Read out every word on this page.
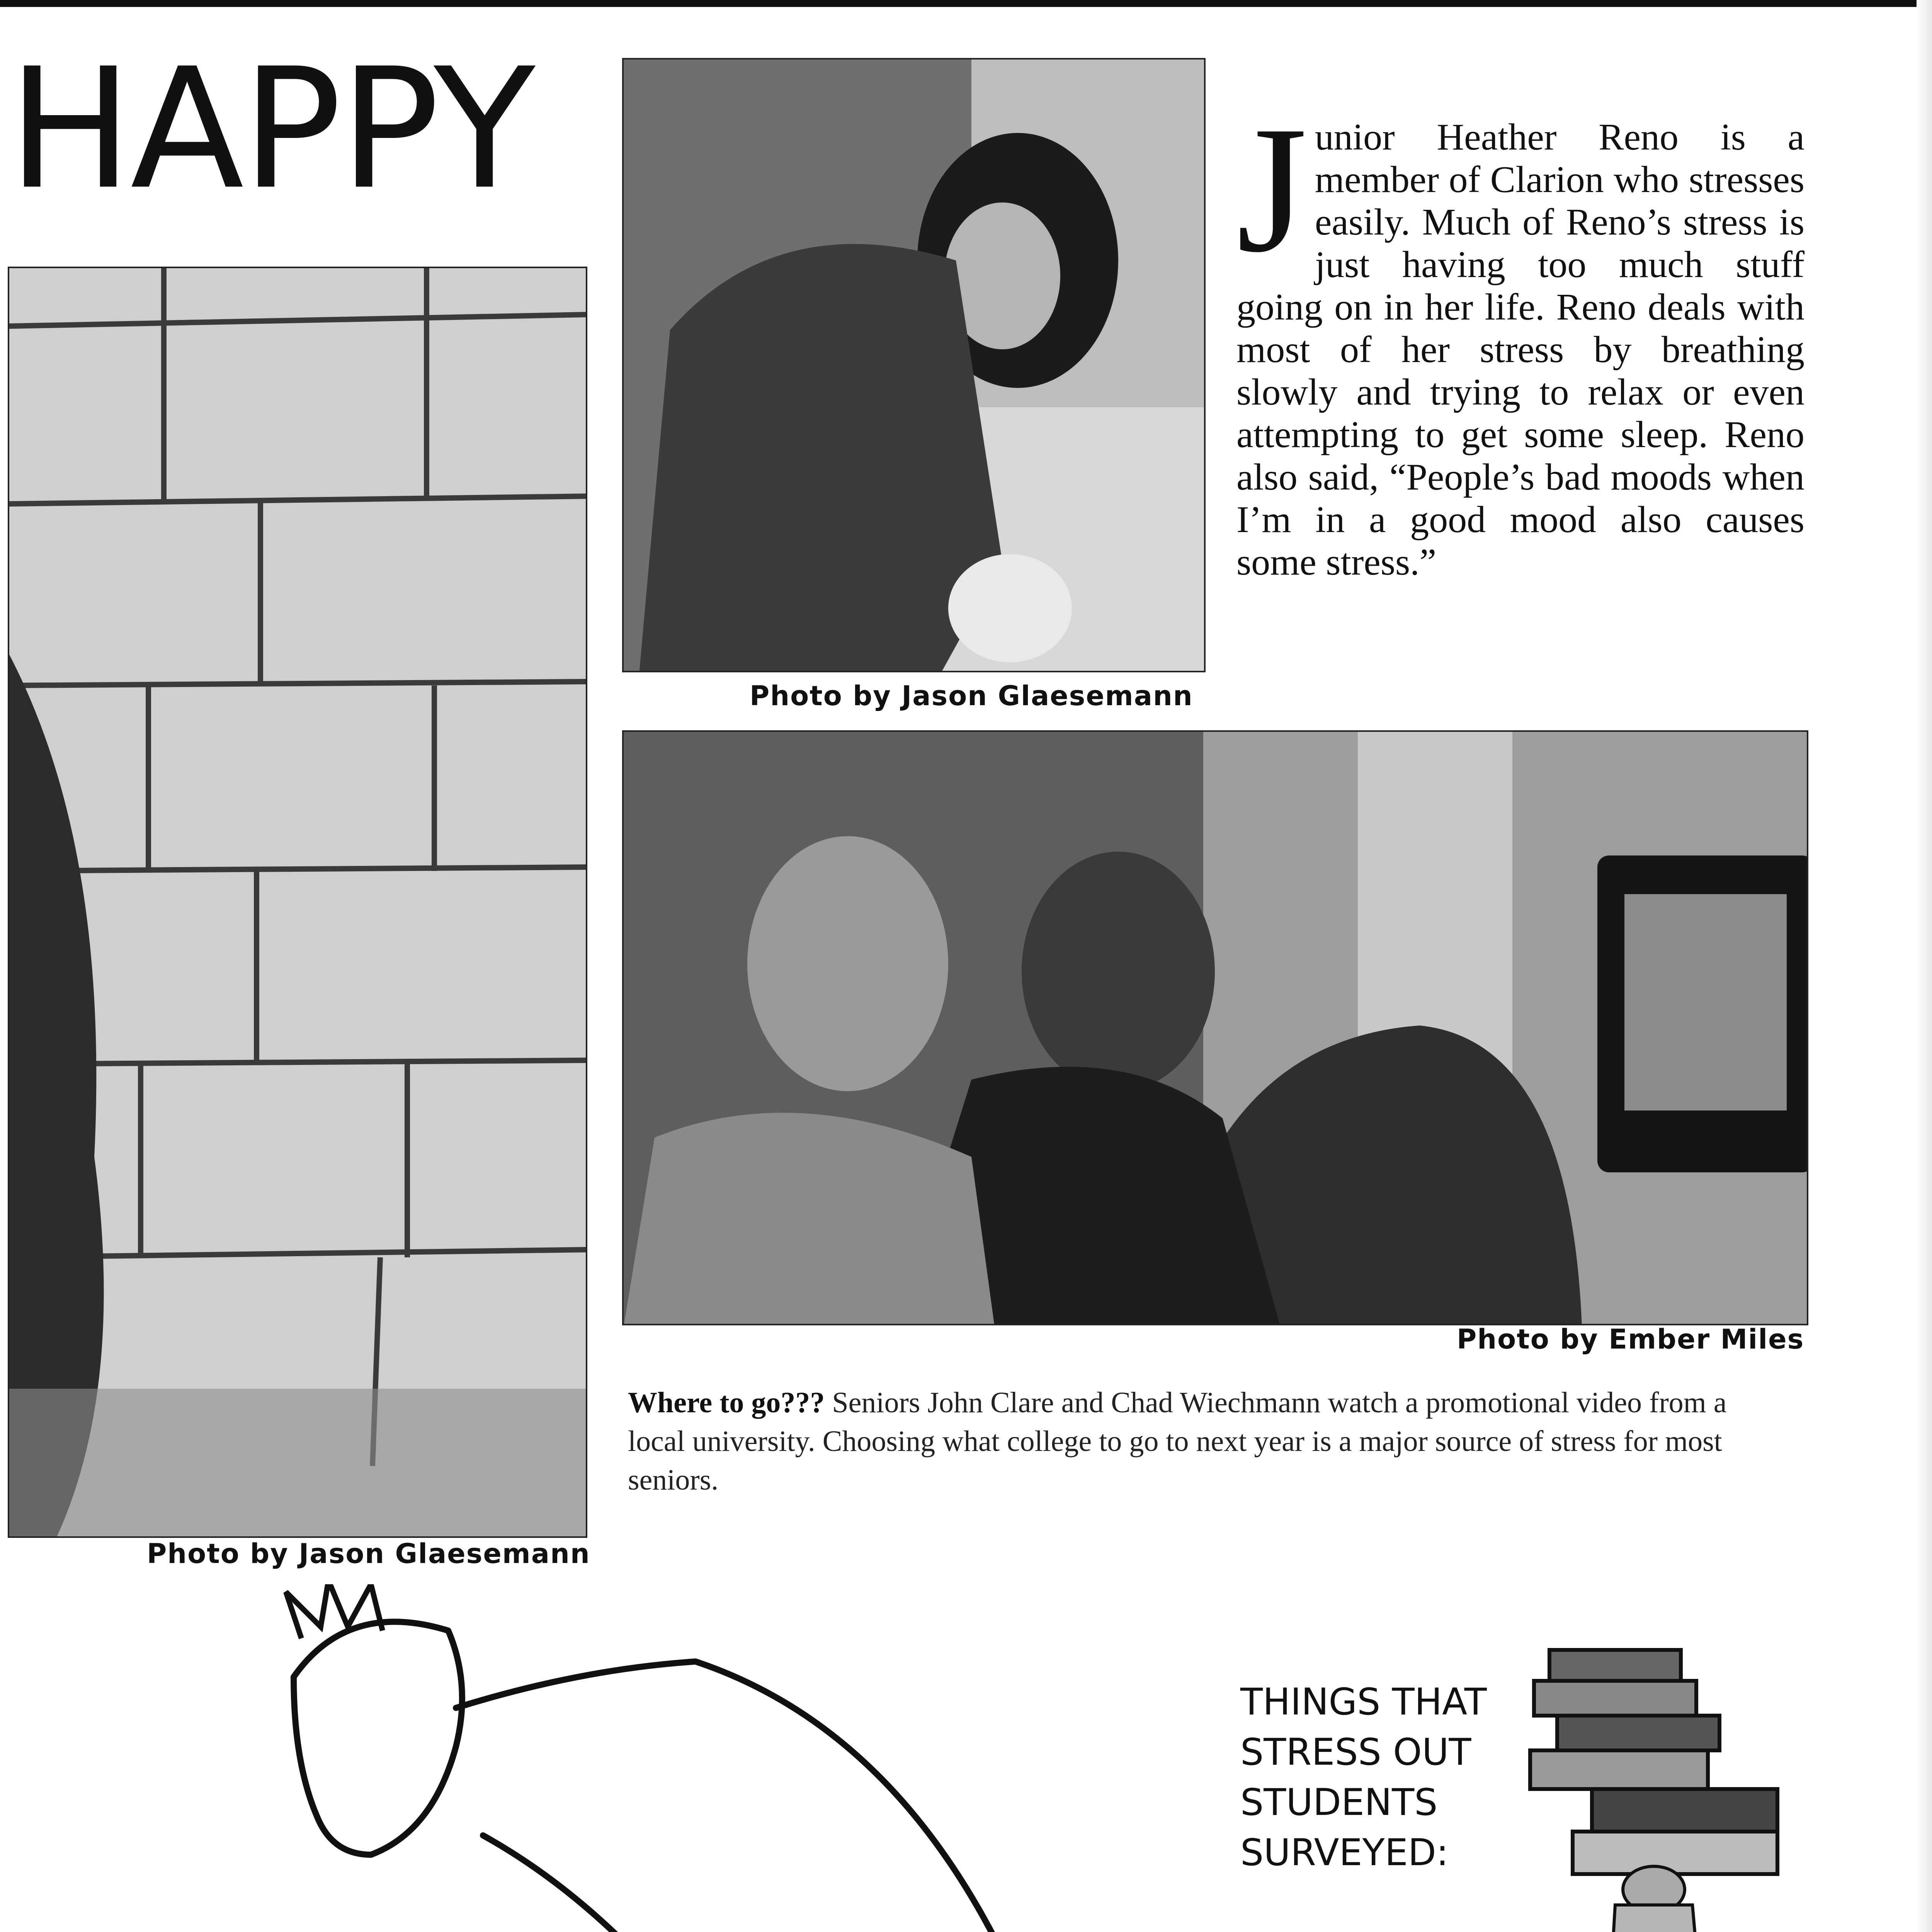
HAPPY
Photo by Jason Glaesemann
Photo by Jason Glaesemann
Junior Heather Reno is a member of Clarion who stresses easily. Much of Reno’s stress is just having too much stuff going on in her life. Reno deals with most of her stress by breathing slowly and trying to relax or even attempting to get some sleep. Reno also said, “People’s bad moods when I’m in a good mood also causes some stress.”
Photo by Ember Miles
Where to go??? Seniors John Clare and Chad Wiechmann watch a promotional video from a local university. Choosing what college to go to next year is a major source of stress for most seniors.
THINGS THAT
STRESS OUT
STUDENTS
SURVEYED:
